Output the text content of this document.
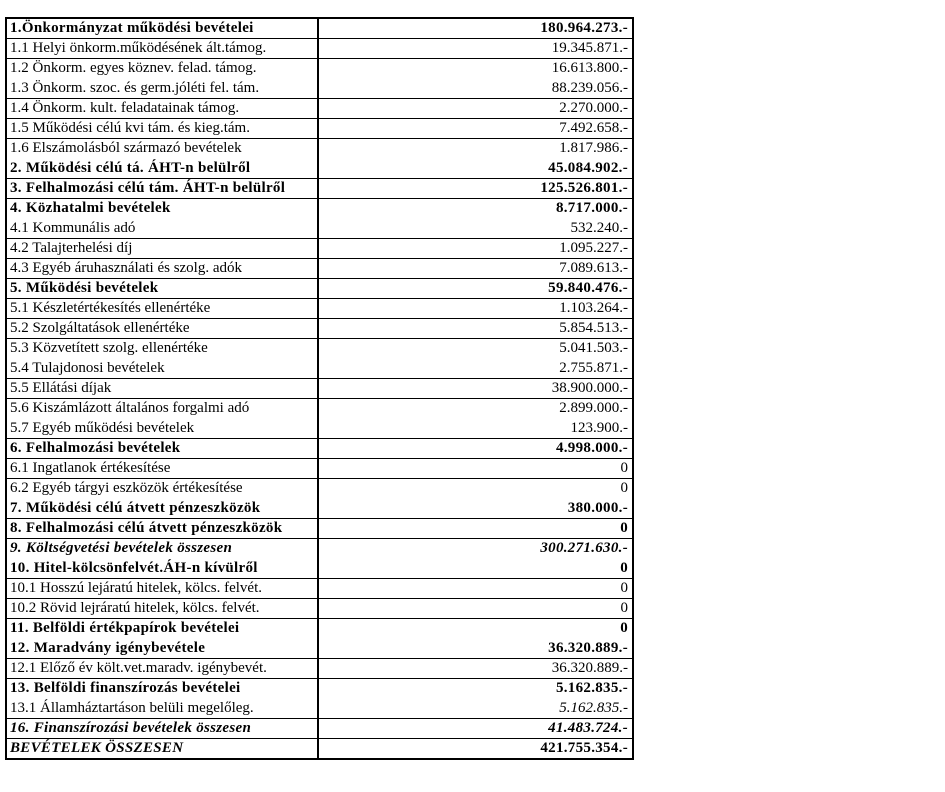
1.Önkormányzat működési bevételei	180.964.273.-
1.1 Helyi önkorm.működésének ált.támog.	19.345.871.-
1.2 Önkorm. egyes köznev. felad. támog.	16.613.800.-
1.3 Önkorm. szoc. és germ.jóléti fel. tám.	88.239.056.-
1.4 Önkorm. kult. feladatainak támog.	2.270.000.-
1.5 Működési célú kvi tám. és kieg.tám.	7.492.658.-
1.6 Elszámolásból származó bevételek	1.817.986.-
2. Működési célú tá. ÁHT-n belülről	45.084.902.-
3. Felhalmozási célú tám. ÁHT-n belülről	125.526.801.-
4. Közhatalmi bevételek	8.717.000.-
4.1 Kommunális adó	532.240.-
4.2 Talajterhelési díj	1.095.227.-
4.3 Egyéb áruhasználati és szolg. adók	7.089.613.-
5. Működési bevételek	59.840.476.-
5.1 Készletértékesítés ellenértéke	1.103.264.-
5.2 Szolgáltatások ellenértéke	5.854.513.-
5.3 Közvetített szolg. ellenértéke	5.041.503.-
5.4 Tulajdonosi bevételek	2.755.871.-
5.5 Ellátási díjak	38.900.000.-
5.6 Kiszámlázott általános forgalmi adó	2.899.000.-
5.7 Egyéb működési bevételek	123.900.-
6. Felhalmozási bevételek	4.998.000.-
6.1 Ingatlanok értékesítése	0
6.2 Egyéb tárgyi eszközök értékesítése	0
7. Működési célú átvett pénzeszközök	380.000.-
8. Felhalmozási célú átvett pénzeszközök	0
9. Költségvetési bevételek összesen	300.271.630.-
10. Hitel-kölcsönfelvét.ÁH-n kívülről	0
10.1 Hosszú lejáratú hitelek, kölcs. felvét.	0
10.2 Rövid lejráratú hitelek, kölcs. felvét.	0
11. Belföldi értékpapírok bevételei	0
12. Maradvány igénybevétele	36.320.889.-
12.1 Előző év költ.vet.maradv. igénybevét.	36.320.889.-
13. Belföldi finanszírozás bevételei	5.162.835.-
13.1 Államháztartáson belüli megelőleg.	5.162.835.-
16. Finanszírozási bevételek összesen	41.483.724.-
BEVÉTELEK ÖSSZESEN	421.755.354.-
